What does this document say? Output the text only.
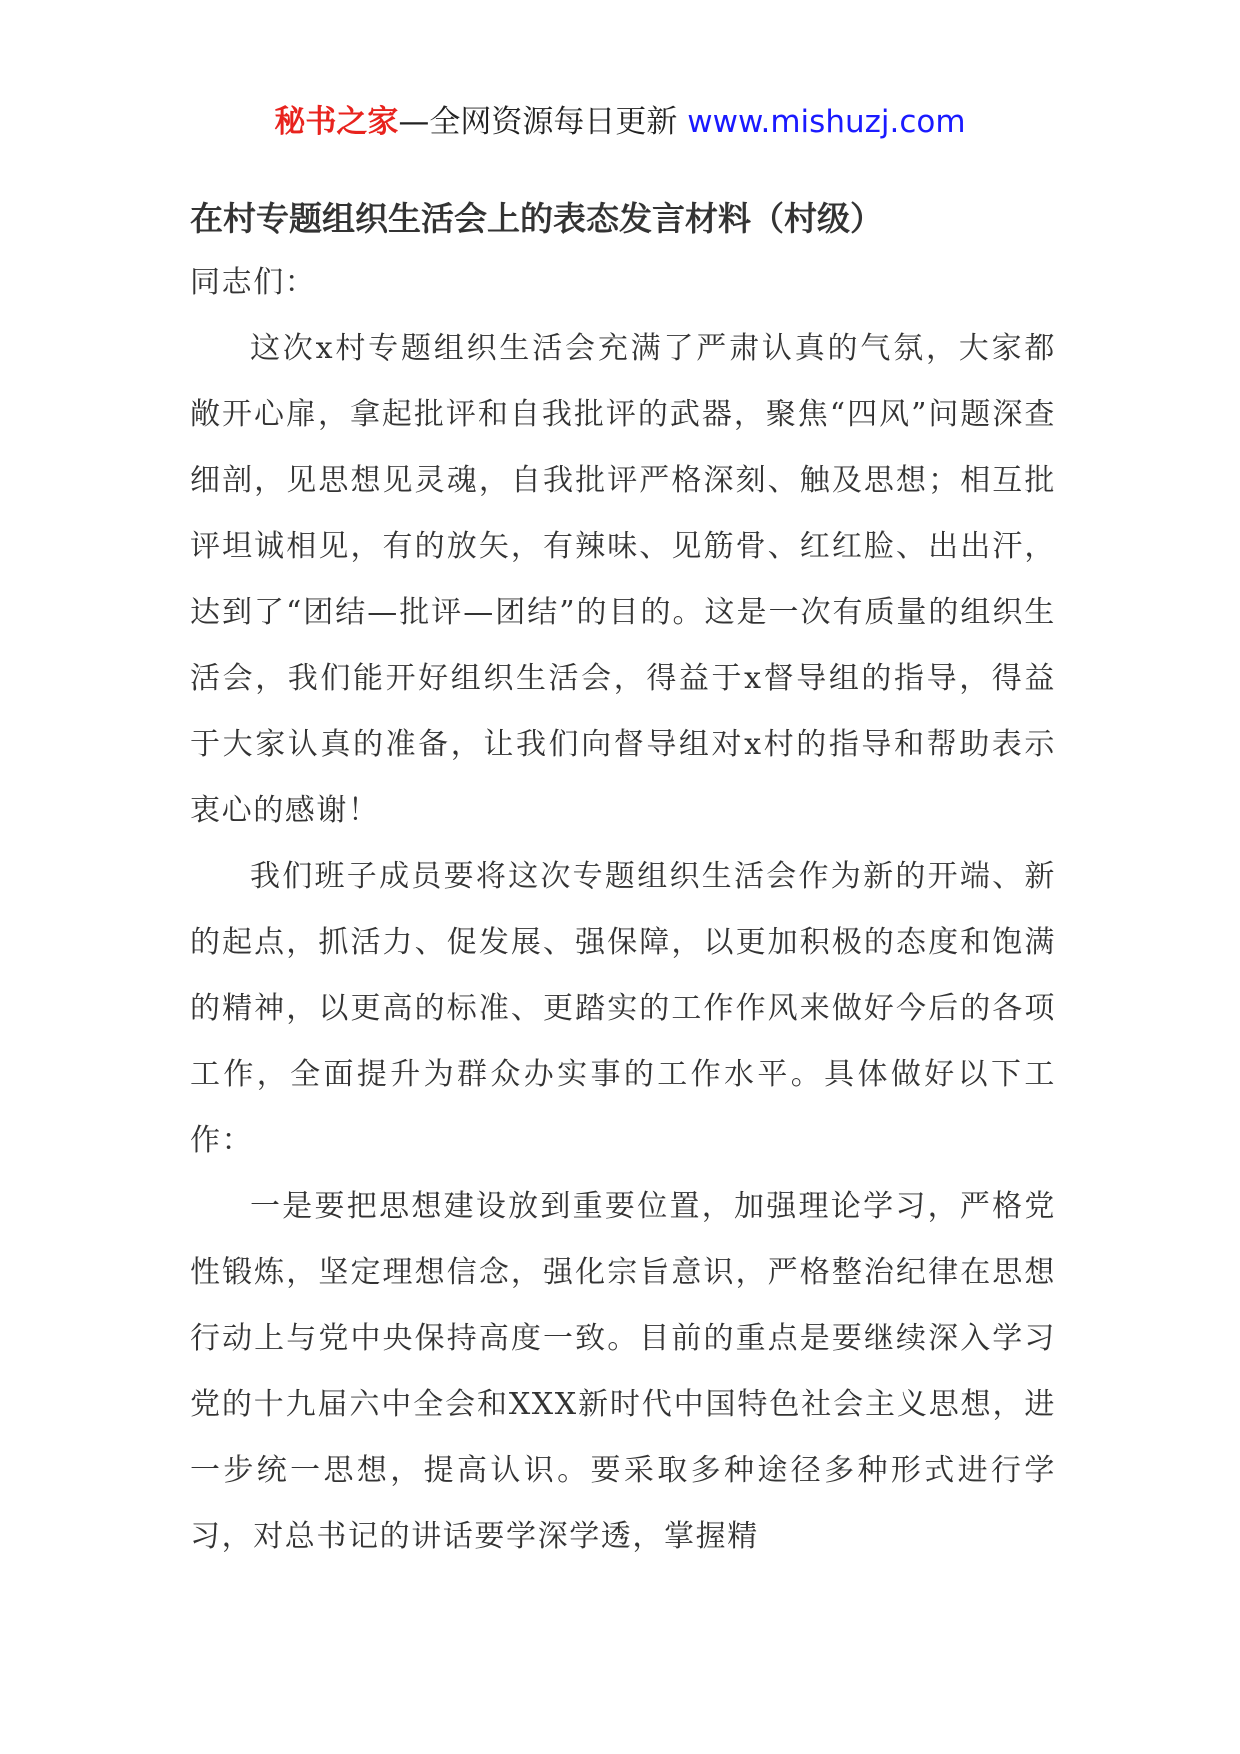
秘书之家—全网资源每日更新 www.mishuzj.com
在村专题组织生活会上的表态发言材料（村级）

同志们：

这次x村专题组织生活会充满了严肃认真的气氛，大家都敞开心扉，拿起批评和自我批评的武器，聚焦“四风”问题深查细剖，见思想见灵魂，自我批评严格深刻、触及思想；相互批评坦诚相见，有的放矢，有辣味、见筋骨、红红脸、出出汗，达到了“团结—批评—团结”的目的。这是一次有质量的组织生活会，我们能开好组织生活会，得益于x督导组的指导，得益于大家认真的准备，让我们向督导组对x村的指导和帮助表示衷心的感谢！

我们班子成员要将这次专题组织生活会作为新的开端、新的起点，抓活力、促发展、强保障，以更加积极的态度和饱满的精神，以更高的标准、更踏实的工作作风来做好今后的各项工作，全面提升为群众办实事的工作水平。具体做好以下工作：

一是要把思想建设放到重要位置，加强理论学习，严格党性锻炼，坚定理想信念，强化宗旨意识，严格整治纪律在思想行动上与党中央保持高度一致。目前的重点是要继续深入学习党的十九届六中全会和XXX新时代中国特色社会主义思想，进一步统一思想，提高认识。要采取多种途径多种形式进行学习，对总书记的讲话要学深学透，掌握精
